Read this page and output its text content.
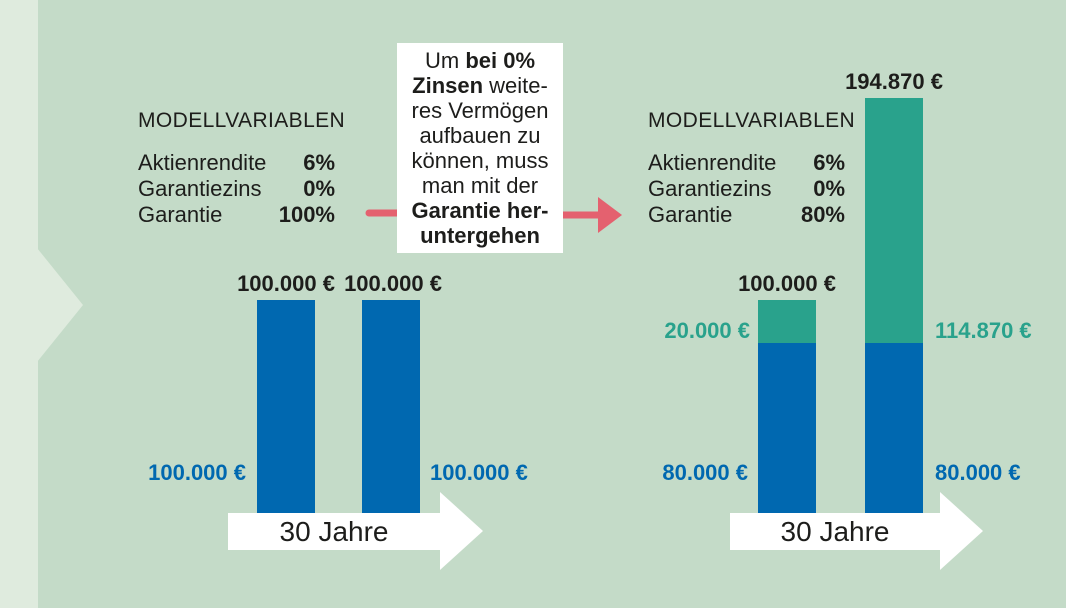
Um bei 0%
Zinsen weite-
res Vermögen
aufbauen zu
können, muss
man mit der
Garantie her-
untergehen
MODELLVARIABLEN
Aktienrendite 6%
Garantiezins 0%
Garantie	100%
MODELLVARIABLEN
Aktienrendite 6%
Garantiezins 0%
Garantie	80%
100.000 € 100.000 €
100.000 €	100.000 €
100.000 €
194.870 €
20.000 €	114.870 €
80.000 €	80.000 €
30 Jahre	30 Jahre
